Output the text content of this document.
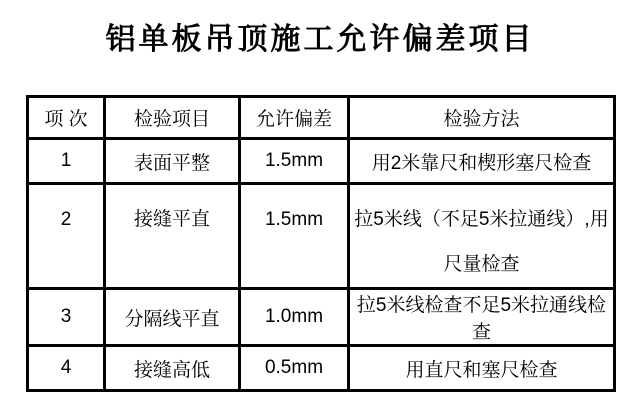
铝单板吊顶施工允许偏差项目
项 次	检验项目	允许偏差	检验方法
1	表面平整	1.5mm	用2米靠尺和楔形塞尺检查
2	接缝平直	1.5mm	拉5米线（不足5米拉通线）,用尺量检查
3	分隔线平直	1.0mm	拉5米线检查不足5米拉通线检查
4	接缝高低	0.5mm	用直尺和塞尺检查
